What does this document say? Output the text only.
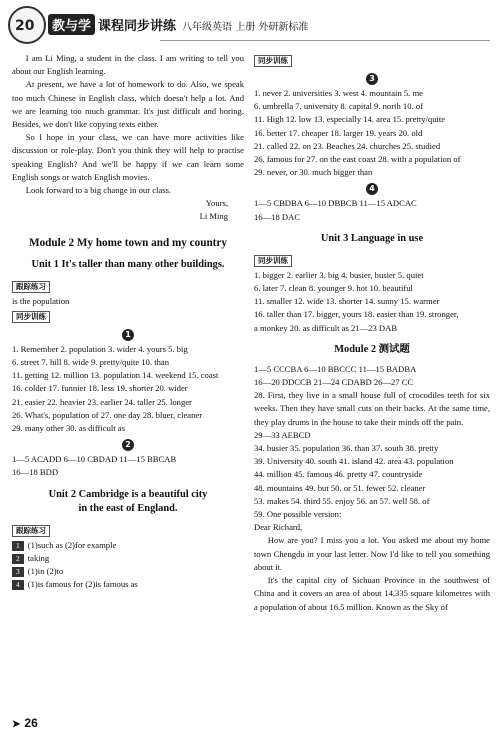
20	教与学 课程同步讲练 八年级英语 上册 外研新标准

I am Li Ming, a student in the class. I am writing to tell you about our English learning.

At present, we have a lot of homework to do. Also, we speak too much Chinese in English class, which doesn't help a lot. And we are learning too much grammar. It's just difficult and boring. Besides, we don't like copying texts either.

So I hope in your class, we can have more activities like discussion or role-play. Don't you think they will help to practise speaking English? And we'll be happy if we can learn some English songs or watch English movies.

Look forward to a big change in our class.

Yours,

Li Ming

Module 2 My home town and my country
Unit 1 It's taller than many other buildings.
跟踪练习

is the population

同步训练
1

1. Remember 2. population 3. wider 4. yours 5. big

6. street 7. hill 8. wide 9. pretty/quite 10. than

11. getting 12. million 13. population 14. weekend 15. coast

16. colder 17. funnier 18. less 19. shorter 20. wider

21. easier 22. heavier 23. earlier 24. taller 25. longer

26. What's, population of 27. one day 28. bluer, cleaner

29. many other 30. as difficult as

2

1—5 ACADD 6—10 CBDAD 11—15 BBCAB

16—18 BDD

Unit 2 Cambridge is a beautiful city
in the east of England.
跟踪练习

1 (1)such as (2)for example

2 taking

3 (1)in (2)to

4 (1)is famous for (2)is famous as

同步训练
3

1. never 2. universities 3. west 4. mountain 5. me

6. umbrella 7. university 8. capital 9. north 10. of

11. High 12. low 13. especially 14. area 15. pretty/quite

16. better 17. cheaper 18. larger 19. years 20. old

21. called 22. on 23. Beaches 24. churches 25. studied

26. famous for 27. on the east coast 28. with a population of

29. never, or 30. much bigger than

4

1—5 CBDBA 6—10 DBBCB 11—15 ADCAC

16—18 DAC

Unit 3 Language in use
同步训练

1. bigger 2. earlier 3. big 4. busier, busier 5. quiet

6. later 7. clean 8. younger 9. hot 10. beautiful

11. smaller 12. wide 13. shorter 14. sunny 15. warmer

16. taller than 17. bigger, yours 18. easier than 19. stronger,

a monkey 20. as difficult as 21—23 DAB

Module 2 测试题

1—5 CCCBA 6—10 BBCCC 11—15 BADBA

16—20 DDCCB 21—24 CDABD 26—27 CC

28. First, they live in a small house full of crocodiles teeth for six weeks. Then they have small cuts on their backs. At the same time, they play drums in the house to take their minds off the pain.

29—33 AEBCD

34. busier 35. population 36. than 37. south 38. pretty

39. University 40. south 41. island 42. area 43. population

44. million 45. famous 46. pretty 47. countryside

48. mountains 49. but 50. or 51. fewer 52. cleaner

53. makes 54. third 55. enjoy 56. an 57. well 58. of

59. One possible version:

Dear Richard,

How are you? I miss you a lot. You asked me about my home town Chengdu in your last letter. Now I'd like to tell you something about it.

It's the capital city of Sichuan Province in the southwest of China and it covers an area of about 14,335 square kilometres with a population of about 16.5 million. Known as the Sky of

➤ 26
